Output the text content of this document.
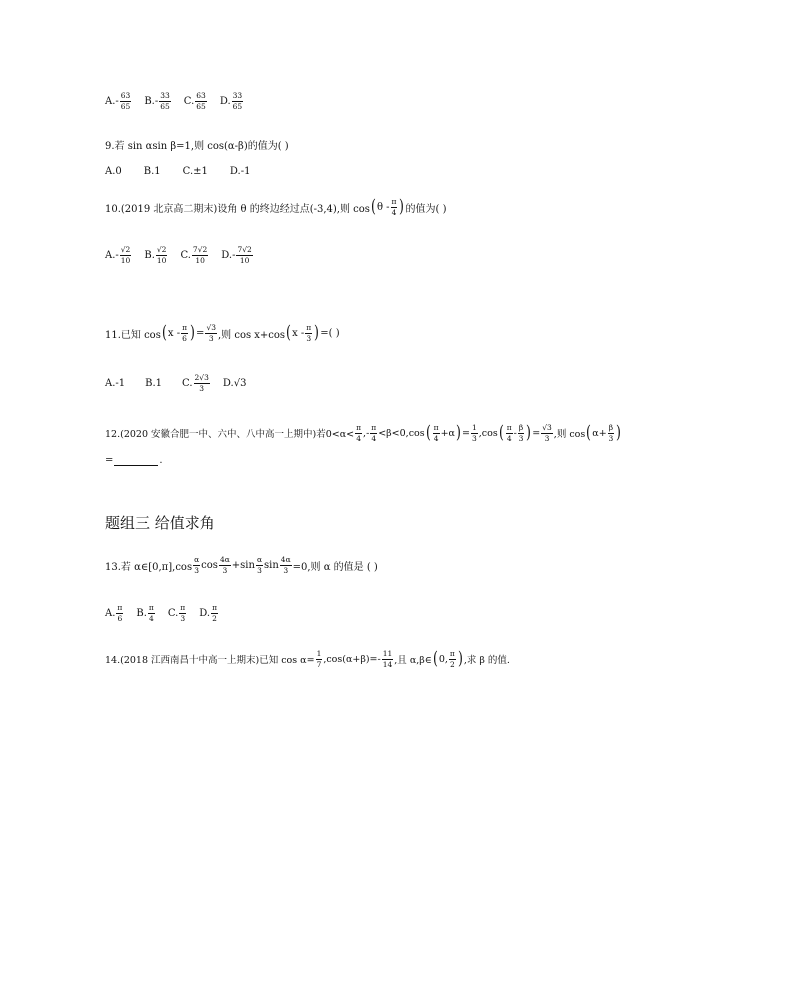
$A.- \frac{63}{65} B.- \frac{33}{65} C$. $\frac{63}{65} D$. $\frac{33}{65}$
9.若 sin αsin β=1,则 cos(α-β)的值为( )
A.0 B.1 C.±1 D.-1
10.(2019 北京高二期末)设角 θ 的终边经过点(-3,4),则 cos ( θ - $\frac{\pi}{4}$ ) 的值为( )
$A.- \frac{√2}{10} B$. $\frac{√2}{10} C$. $\frac{7√2}{10} D.- \frac{7√2}{10}$
11.已知 cos ( x - $\frac{\pi}{6}$ ) = $\frac{√3}{3}$ ,则 cos x+cos ( x - $\frac{\pi}{3}$ ) =( )
A.-1 B.1 C. $\frac{2√3}{3} D.√3$
12.(2020 安徽合肥一中、六中、八中高一上期中)若$0<\alpha< \frac{\pi}{4}$ ,- $\frac{\pi}{4} <\beta<0,\cos$ ( $\frac{\pi}{4} +\alpha$ ) = $\frac{1}{3} ,\cos$ ( $\frac{\pi}{4} - \frac{\beta}{3}$ ) = $\frac{√3}{3}$ ,则 cos ( $\alpha+ \frac{\beta}{3}$ )
=	.
题组三 给值求角
13.若 α∈[0,π],cos $\frac{\alpha}{3}$ $\cos \frac{4\alpha}{3} +\sin \frac{\alpha}{3}$ $\sin \frac{4\alpha}{3} =0$,则 α 的值是 ( )
A. $\frac{\pi}{6} B$. $\frac{\pi}{4} C$. $\frac{\pi}{3} D$. $\frac{\pi}{2}$
14.(2018 江西南昌十中高一上期末)已知 $\cos \alpha= \frac{1}{7} ,\cos(\alpha+\beta)=- \frac{11}{14}$ ,且 α,β∈ ( 0, $\frac{\pi}{2}$ ) ,求 β 的值.
